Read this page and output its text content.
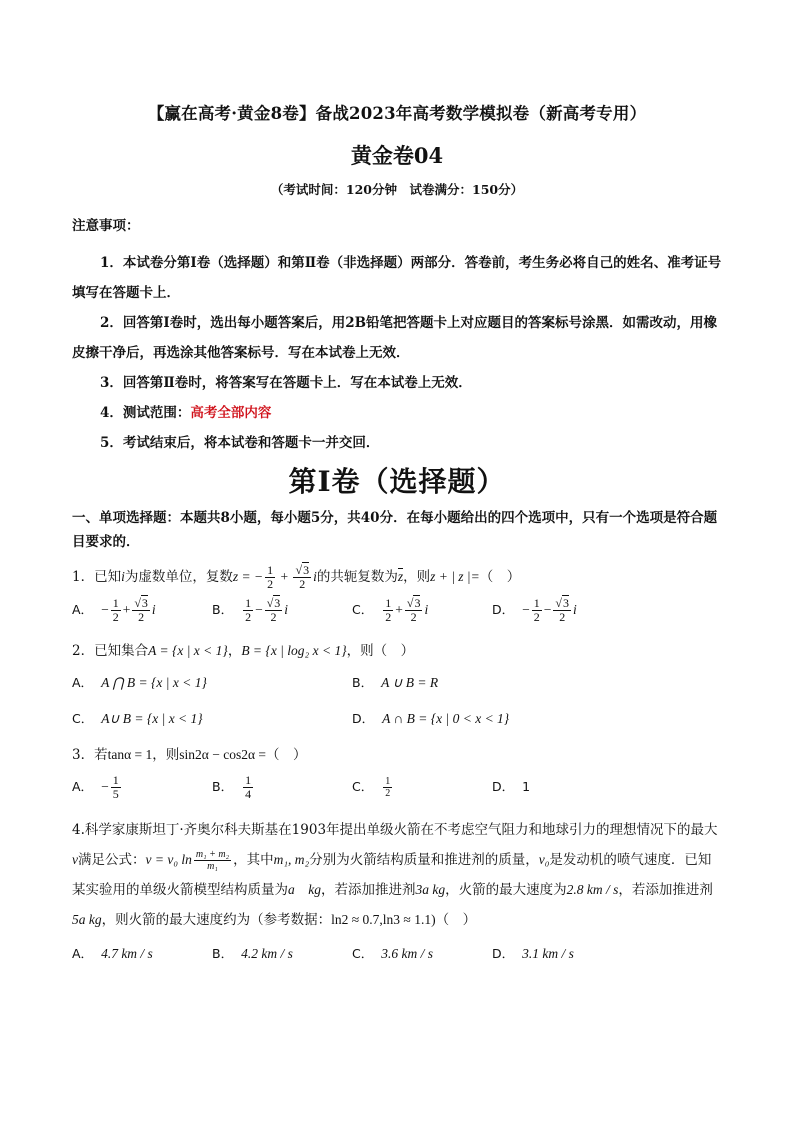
【赢在高考·黄金8卷】备战2023年高考数学模拟卷（新高考专用）
黄金卷04
（考试时间：120分钟　试卷满分：150分）
注意事项：

1．本试卷分第Ⅰ卷（选择题）和第Ⅱ卷（非选择题）两部分．答卷前，考生务必将自己的姓名、准考证号填写在答题卡上．

2．回答第Ⅰ卷时，选出每小题答案后，用2B铅笔把答题卡上对应题目的答案标号涂黑．如需改动，用橡皮擦干净后，再选涂其他答案标号．写在本试卷上无效．

3．回答第Ⅱ卷时，将答案写在答题卡上．写在本试卷上无效．

4．测试范围：高考全部内容

5．考试结束后，将本试卷和答题卡一并交回．

第Ⅰ卷（选择题）
一、单项选择题：本题共8小题，每小题5分，共40分．在每小题给出的四个选项中，只有一个选项是符合题目要求的．
1．已知i为虚数单位，复数z = − $\frac{1}{2} + \frac{√3}{2}$ i的共轭复数为z，则z + | z |=（　）
A． − $\frac{1}{2} + \frac{√3}{2}$ i	B． $\frac{1}{2} - \frac{√3}{2}$ i	C． $\frac{1}{2} + \frac{√3}{2}$ i	D． − $\frac{1}{2} - \frac{√3}{2}$ i
2．已知集合A = {x | x < 1}，B = {x | log₂ x < 1}，则（　）
A． A ⋂ B = {x | x < 1}	B． A ∪ B = R
C． A∪ B = {x | x < 1}	D． A ∩ B = {x | 0 < x < 1}
3．若tanα = 1，则sin2α − cos2α =（　）
A． − $\frac{1}{5}$	B． $\frac{1}{4}$	C． $\frac{1}{2}$	D． 1
4.科学家康斯坦丁·齐奥尔科夫斯基在1903年提出单级火箭在不考虑空气阻力和地球引力的理想情况下的最大v满足公式：v = v₀ $\ln \frac{\text{m₁ + m₂}}{\text{m₁}}$ ，其中m₁, m₂分别为火箭结构质量和推进剂的质量，v₀是发动机的喷气速度．已知某实验用的单级火箭模型结构质量为a　kg，若添加推进剂3a kg，火箭的最大速度为2.8 km / s，若添加推进剂5a kg，则火箭的最大速度约为（参考数据：ln2 ≈ 0.7,ln3 ≈ 1.1)（　）
A． 4.7 km / s	B． 4.2 km / s	C． 3.6 km / s	D． 3.1 km / s
